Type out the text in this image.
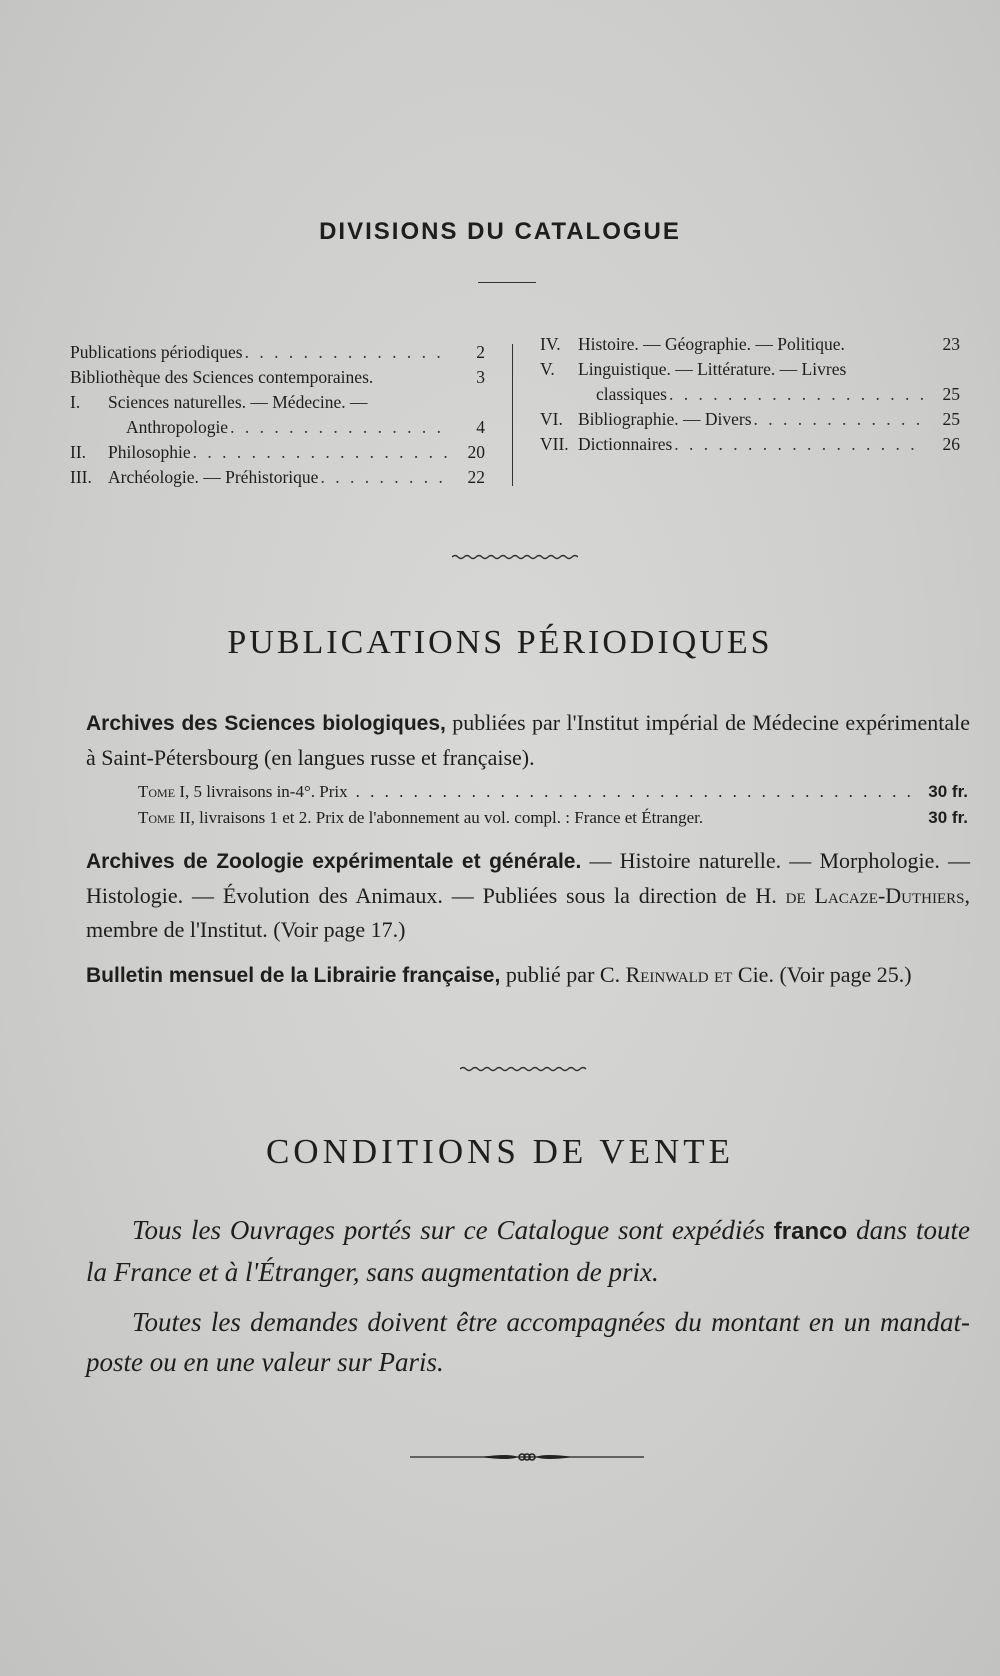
DIVISIONS DU CATALOGUE
Publications périodiques . . .	2
Bibliothèque des Sciences contemporaines.	3
I.	Sciences naturelles. — Médecine. —
Anthropologie . . .	4
II.	Philosophie . . .	20
III. Archéologie. — Préhistorique . . .	22
IV. Histoire. — Géographie. — Politique.	23
V.	Linguistique. — Littérature. — Livres
classiques . . .	25
VI. Bibliographie. — Divers . . .	25
VII. Dictionnaires . . .	26
PUBLICATIONS PÉRIODIQUES
Archives des Sciences biologiques, publiées par l'Institut impérial de Médecine expérimentale à Saint-Pétersbourg (en langues russe et française).
Tome I, 5 livraisons in-4°. Prix . . .	30 fr.
Tome II, livraisons 1 et 2. Prix de l'abonnement au vol. compl. : France et Étranger.	30 fr.
Archives de Zoologie expérimentale et générale. — Histoire naturelle. — Morphologie. — Histologie. — Évolution des Animaux. — Publiées sous la direction de H. de Lacaze-Duthiers, membre de l'Institut. (Voir page 17.)
Bulletin mensuel de la Librairie française, publié par C. Reinwald et Cie. (Voir page 25.)
CONDITIONS DE VENTE
Tous les Ouvrages portés sur ce Catalogue sont expédiés franco dans toute la France et à l'Étranger, sans augmentation de prix.
Toutes les demandes doivent être accompagnées du montant en un mandat-poste ou en une valeur sur Paris.
